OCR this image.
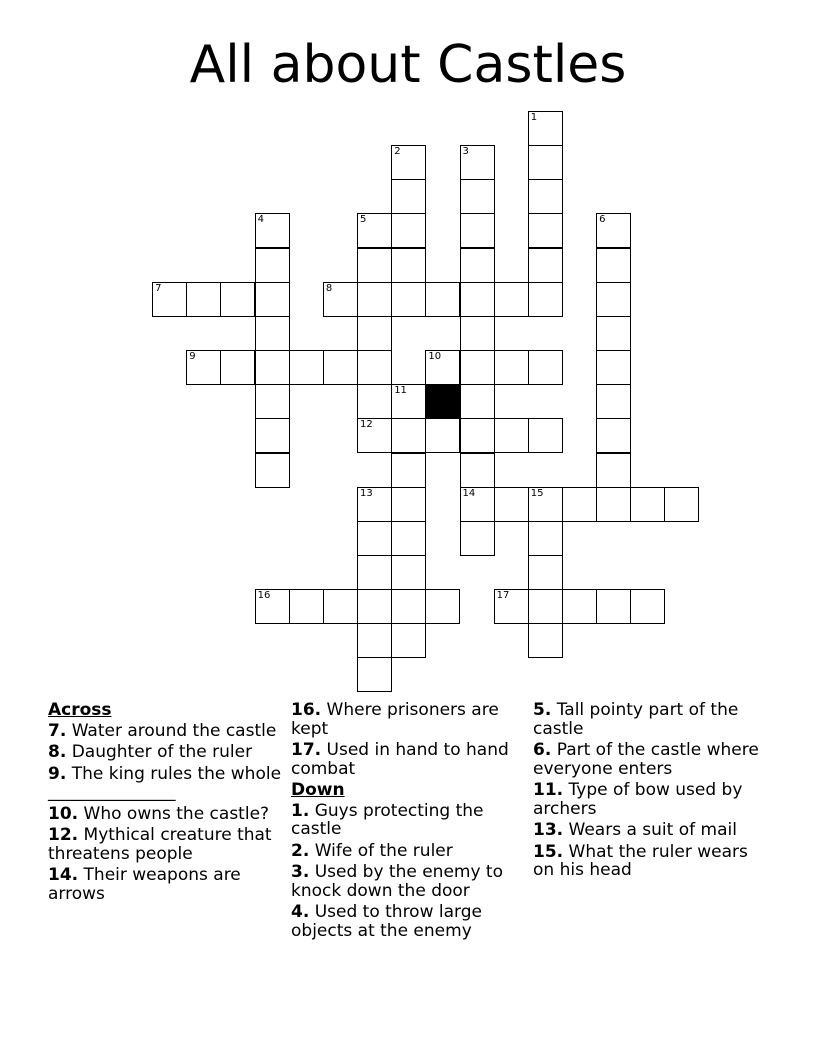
All about Castles
1
2	3
14
4	5	6
7	8
9	10
11
12
13	15
16	17
Across
7. Water around the castle
8. Daughter of the ruler
9. The king rules the whole _______________
10. Who owns the castle?
12. Mythical creature that threatens people
14. Their weapons are arrows
16. Where prisoners are kept
17. Used in hand to hand combat
Down
1. Guys protecting the castle
2. Wife of the ruler
3. Used by the enemy to knock down the door
4. Used to throw large objects at the enemy
5. Tall pointy part of the castle
6. Part of the castle where everyone enters
11. Type of bow used by archers
13. Wears a suit of mail
15. What the ruler wears on his head
